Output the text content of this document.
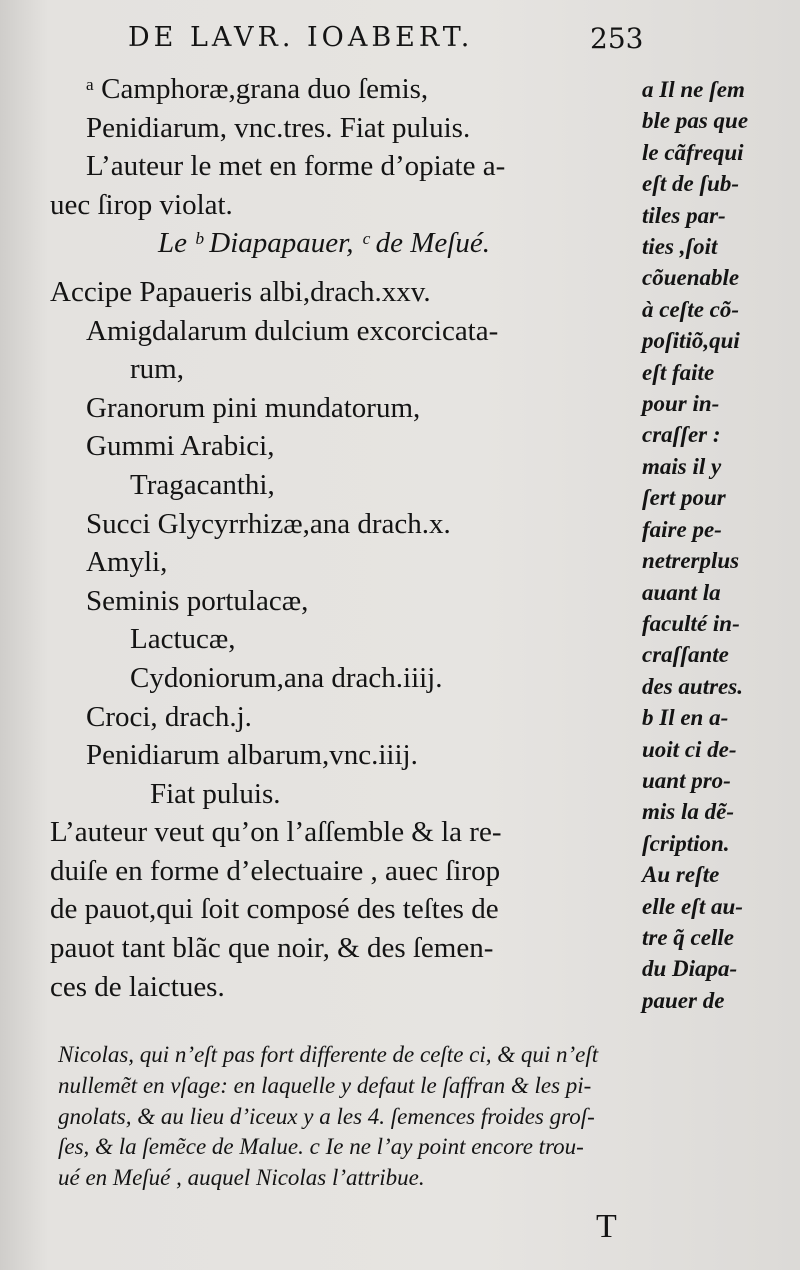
DE LAVR. IOABERT.	253
ᵃ Camphoræ,grana duo ſemis,
Penidiarum, vnc.tres. Fiat puluis.
L’auteur le met en forme d’opiate a-
uec ſirop violat.
Le ᵇ Diapapauer, ᶜ de Meſué.
Accipe Papaueris albi,drach.xxv.
Amigdalarum dulcium excorcicata-
rum,
Granorum pini mundatorum,
Gummi Arabici,
Tragacanthi,
Succi Glycyrrhizæ,ana drach.x.
Amyli,
Seminis portulacæ,
Lactucæ,
Cydoniorum,ana drach.iiij.
Croci, drach.j.
Penidiarum albarum,vnc.iiij.
Fiat puluis.
L’auteur veut qu’on l’aſſemble & la re-
duiſe en forme d’electuaire , auec ſirop
de pauot,qui ſoit composé des teſtes de
pauot tant blãc que noir, & des ſemen-
ces de laictues.
a Il ne ſem
ble pas que
le cãfrequi
eſt de ſub-
tiles par-
ties ,ſoit
cõuenable
à ceſte cõ-
poſitiõ,qui
eſt faite
pour in-
craſſer :
mais il y
ſert pour
faire pe-
netrerplus
auant la
faculté in-
craſſante
des autres.
b Il en a-
uoit ci de-
uant pro-
mis la dẽ-
ſcription.
Au reſte
elle eſt au-
tre q̃ celle
du Diapa-
pauer de
Nicolas, qui n’eſt pas fort differente de ceſte ci, & qui n’eſt
nullemẽt en vſage: en laquelle y defaut le ſaffran & les pi-
gnolats, & au lieu d’iceux y a les 4. ſemences froides groſ-
ſes, & la ſemẽce de Malue. c Ie ne l’ay point encore trou-
ué en Meſué , auquel Nicolas l’attribue.
T
